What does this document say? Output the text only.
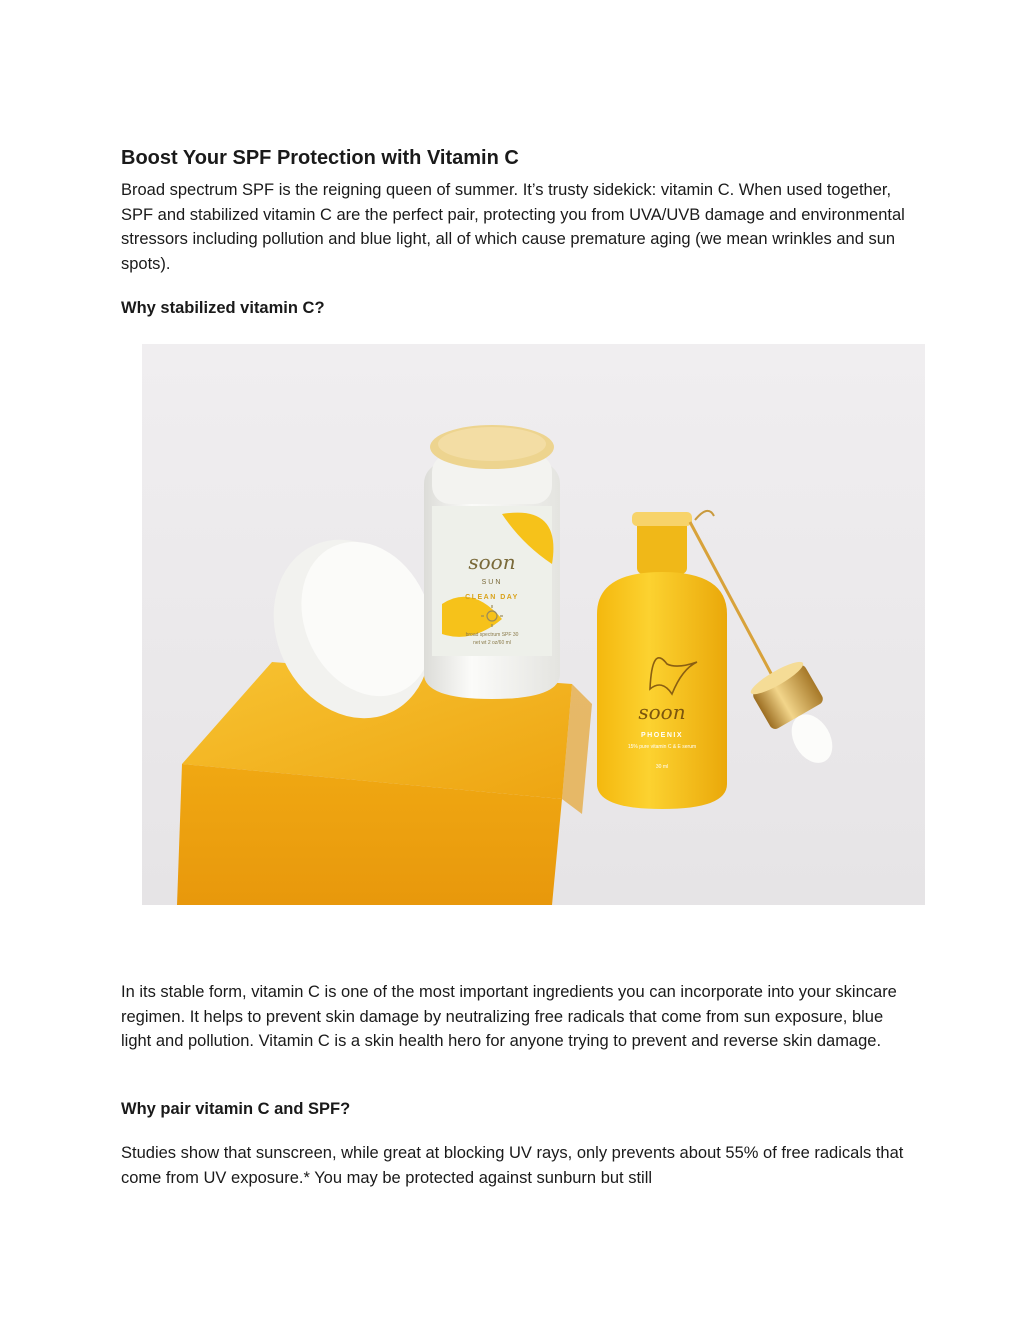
Boost Your SPF Protection with Vitamin C

Broad spectrum SPF is the reigning queen of summer. It’s trusty sidekick: vitamin C. When used together, SPF and stabilized vitamin C are the perfect pair, protecting you from UVA/UVB damage and environmental stressors including pollution and blue light, all of which cause premature aging (we mean wrinkles and sun spots).

Why stabilized vitamin C?

In its stable form, vitamin C is one of the most important ingredients you can incorporate into your skincare regimen. It helps to prevent skin damage by neutralizing free radicals that come from sun exposure, blue light and pollution. Vitamin C is a skin health hero for anyone trying to prevent and reverse skin damage.

Why pair vitamin C and SPF?

Studies show that sunscreen, while great at blocking UV rays, only prevents about 55% of free radicals that come from UV exposure.* You may be protected against sunburn but still

soon
SUN
CLEAN DAY
broad spectrum SPF 30
net wt 2 oz/60 ml
soon
PHOENIX
15% pure vitamin C & E serum
30 ml
